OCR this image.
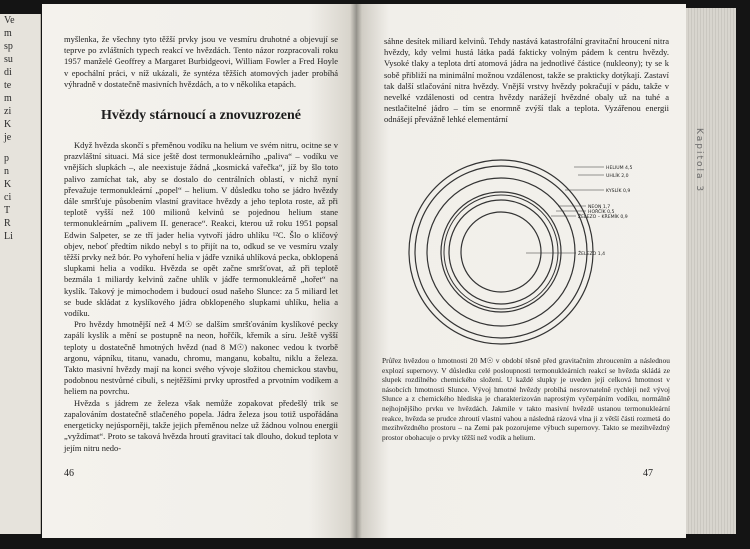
Ve
m
sp
su
di
te
m
zi
K
je
p
n
K
ci
T
R
Li

myšlenka, že všechny tyto těžší prvky jsou ve vesmíru druhotné a objevují se teprve po zvláštních typech reakcí ve hvězdách. Tento názor rozpracovali roku 1957 manželé Geoffrey a Margaret Burbidgeovi, William Fowler a Fred Hoyle v epochální práci, v níž ukázali, že syntéza těžších atomových jader probíhá výhradně v dostatečně masivních hvězdách, a to v několika etapách.

Hvězdy stárnoucí a znovuzrozené

Když hvězda skončí s přeměnou vodíku na helium ve svém nitru, ocitne se v prazvláštní situaci. Má sice ještě dost termonukleárního „paliva“ – vodíku ve vnějších slupkách –, ale neexistuje žádná „kosmická vařečka“, jíž by šlo toto palivo zamíchat tak, aby se dostalo do centrálních oblastí, v nichž nyní převažuje termonukleární „popel“ – helium. V důsledku toho se jádro hvězdy dále smršťuje působením vlastní gravitace hvězdy a jeho teplota roste, až při teplotě vyšší než 100 milionů kelvinů se pojednou helium stane termonukleárním „palivem II. generace“. Reakci, kterou už roku 1951 popsal Edwin Salpeter, se ze tří jader helia vytvoří jádro uhlíku ¹²C. Šlo o klíčový objev, neboť předtím nikdo nebyl s to přijít na to, odkud se ve vesmíru vzaly těžší prvky než bór. Po vyhoření helia v jádře vzniká uhlíková pecka, obklopená slupkami helia a vodíku. Hvězda se opět začne smršťovat, až při teplotě bezmála 1 miliardy kelvinů začne uhlík v jádře termonukleárně „hořet“ na kyslík. Takový je mimochodem i budoucí osud našeho Slunce: za 5 miliard let se bude skládat z kyslíkového jádra obklopeného slupkami uhlíku, helia a vodíku.

Pro hvězdy hmotnější než 4 M☉ se dalším smršťováním kyslíkové pecky zapálí kyslík a mění se postupně na neon, hořčík, křemík a síru. Ještě vyšší teploty u dostatečně hmotných hvězd (nad 8 M☉) nakonec vedou k tvorbě argonu, vápníku, titanu, vanadu, chromu, manganu, kobaltu, niklu a železa. Takto masivní hvězdy mají na konci svého vývoje složitou chemickou stavbu, podobnou nestvůrné cibuli, s nejtěžšími prvky uprostřed a prvotním vodíkem a heliem na povrchu.

Hvězda s jádrem ze železa však nemůže zopakovat předešlý trik se zapalováním dostatečně stlačeného popela. Jádra železa jsou totiž uspořádána energeticky nejúsporněji, takže jejich přeměnou nelze už žádnou volnou energii „vyždímat“. Proto se taková hvězda hroutí gravitací tak dlouho, dokud teplota v jejím nitru nedo-

46

sáhne desítek miliard kelvinů. Tehdy nastává katastrofální gravitační hroucení nitra hvězdy, kdy velmi hustá látka padá fakticky volným pádem k centru hvězdy. Vysoké tlaky a teplota drtí atomová jádra na jednotlivé částice (nukleony); ty se k sobě přibliží na minimální možnou vzdálenost, takže se prakticky dotýkají. Zastaví tak další stlačování nitra hvězdy. Vnější vrstvy hvězdy pokračují v pádu, takže v nevelké vzdálenosti od centra hvězdy narážejí hvězdné obaly už na tuhé a nestlačitelné jádro – tím se enormně zvýší tlak a teplota. Vyzářenou energii odnášejí převážně lehké elementární

HELIUM 4,5
UHLÍK 2,0
KYSLÍK 0,9
NEON 1,7
HOŘČÍK 0,5
ŽELEZO – KŘEMÍK 0,9
ŽELEZO 1,4

Průřez hvězdou o hmotnosti 20 M☉ v období těsně před gravitačním zhroucením a následnou explozí supernovy. V důsledku celé posloupnosti termonukleárních reakcí se hvězda skládá ze slupek rozdílného chemického složení. U každé slupky je uveden její celková hmotnost v násobcích hmotnosti Slunce. Vývoj hmotné hvězdy probíhá nesrovnatelně rychleji než vývoj Slunce a z chemického hlediska je charakterizován naprostým vyčerpáním vodíku, normálně nejhojnějšího prvku ve hvězdách. Jakmile v takto masivní hvězdě ustanou termonukleární reakce, hvězda se prudce zhroutí vlastní vahou a následná rázová vlna ji z větší části rozmetá do mezihvězdného prostoru – na Zemi pak pozorujeme výbuch supernovy. Takto se mezihvězdný prostor obohacuje o prvky těžší než vodík a helium.

47
Kapitola 3
